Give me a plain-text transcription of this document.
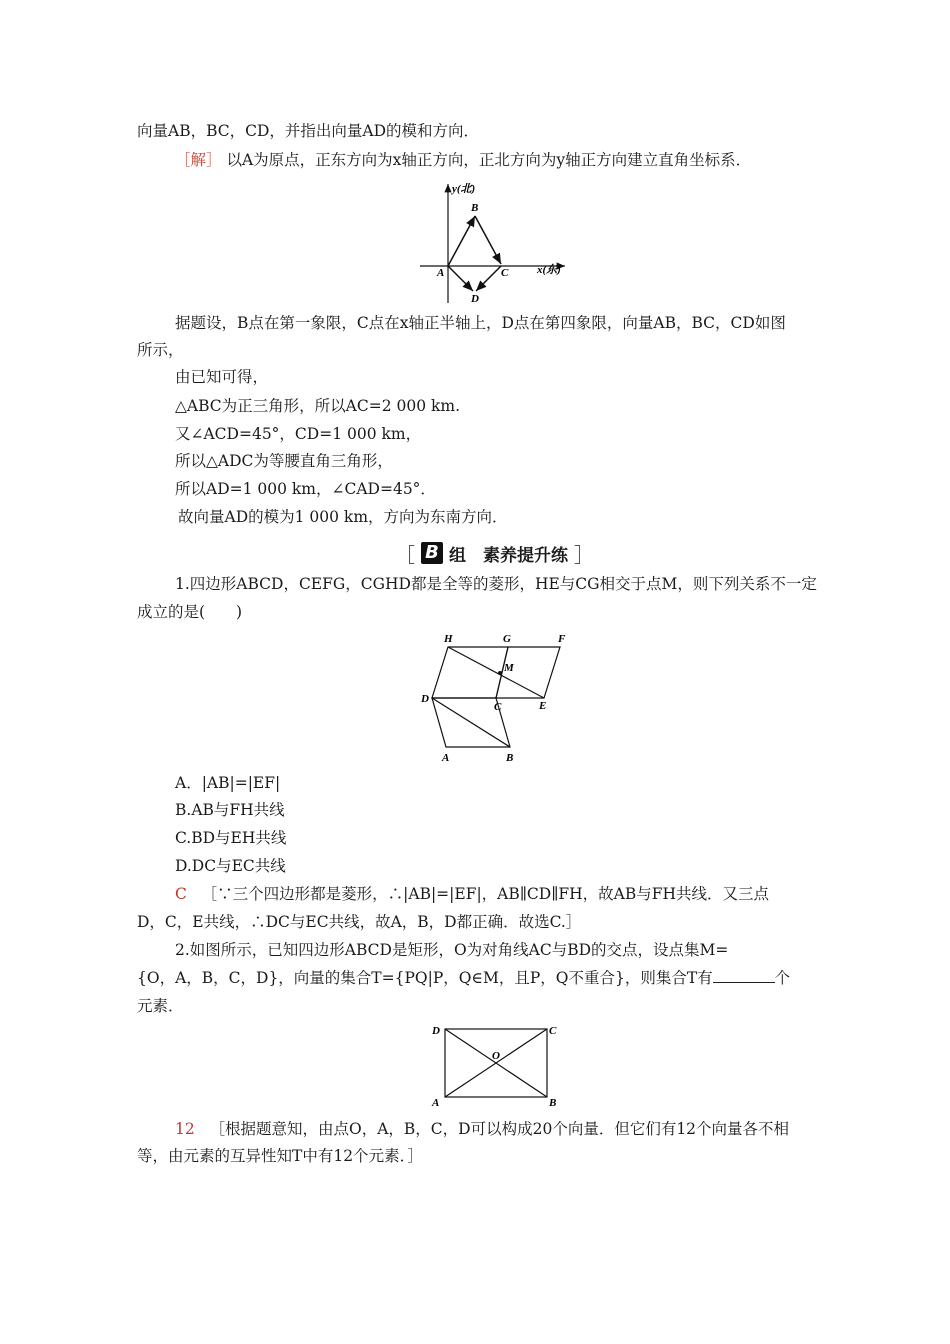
向量AB，BC，CD，并指出向量AD的模和方向．
［解］ 以A为原点，正东方向为x轴正方向，正北方向为y轴正方向建立直角坐标系．
y(北)
x(东)
B
A	C
D
据题设，B点在第一象限，C点在x轴正半轴上，D点在第四象限，向量AB，BC，CD如图
所示，
由已知可得，
△ABC为正三角形，所以AC=2 000 km.
又∠ACD=45°，CD=1 000 km，
所以△ADC为等腰直角三角形，
所以AD=1 000 km，∠CAD=45°．
故向量AD的模为1 000 km，方向为东南方向．
［ B 组　素养提升练 ］
1.四边形ABCD，CEFG，CGHD都是全等的菱形，HE与CG相交于点M，则下列关系不一定
成立的是(　　)
H	G	F
M
D
C	E
A	B
A．|AB|=|EF|
B.AB与FH共线
C.BD与EH共线
D.DC与EC共线
C ［∵三个四边形都是菱形，∴|AB|=|EF|，AB∥CD∥FH，故AB与FH共线．又三点
D，C，E共线，∴DC与EC共线，故A，B，D都正确．故选C.］
2.如图所示，已知四边形ABCD是矩形，O为对角线AC与BD的交点，设点集M=
{O，A，B，C，D}，向量的集合T={PQ|P，Q∈M，且P，Q不重合}，则集合T有	个
元素．
D	C
O
A	B
12 ［根据题意知，由点O，A，B，C，D可以构成20个向量．但它们有12个向量各不相
等，由元素的互异性知T中有12个元素．］
